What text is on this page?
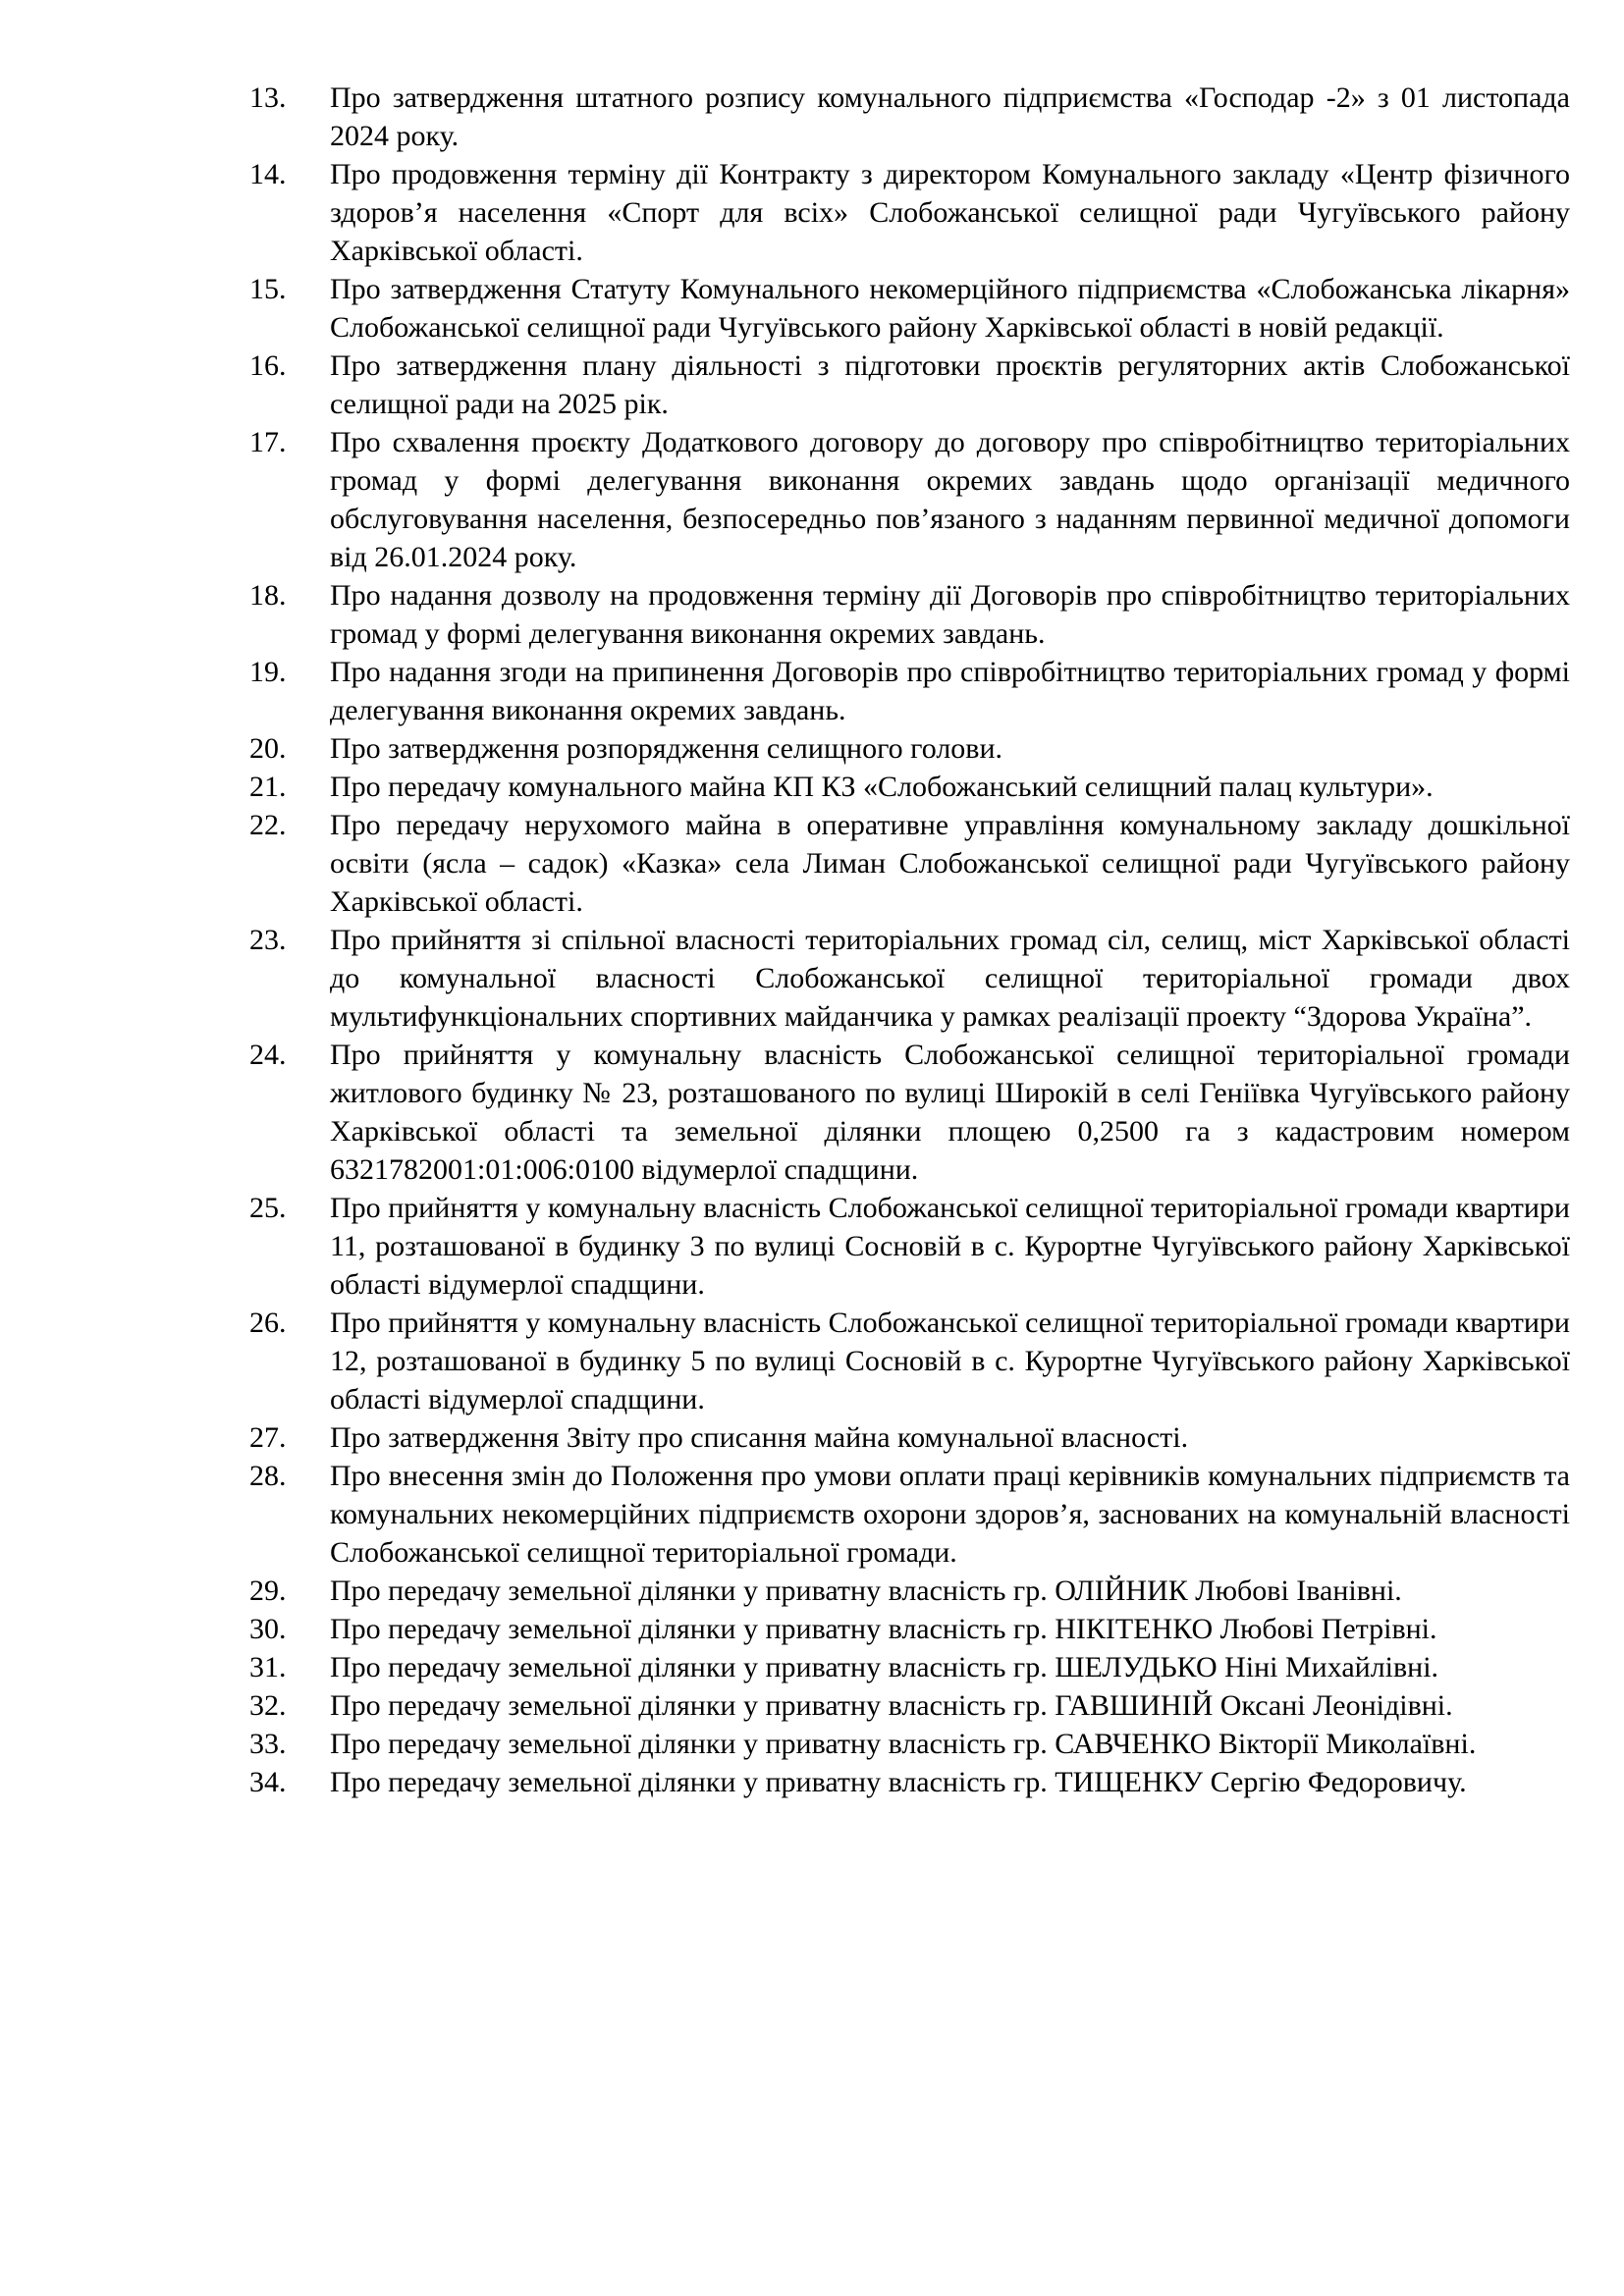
13.	Про затвердження штатного розпису комунального підприємства «Господар -2» з 01 листопада 2024 року.
14.	Про продовження терміну дії Контракту з директором Комунального закладу «Центр фізичного здоров’я населення «Спорт для всіх» Слобожанської селищної ради Чугуївського району Харківської області.
15.	Про затвердження Статуту Комунального некомерційного підприємства «Слобожанська лікарня» Слобожанської селищної ради Чугуївського району Харківської області в новій редакції.
16.	Про затвердження плану діяльності з підготовки проєктів регуляторних актів Слобожанської селищної ради на 2025 рік.
17.	Про схвалення проєкту Додаткового договору до договору про співробітництво територіальних громад у формі делегування виконання окремих завдань щодо організації медичного обслуговування населення, безпосередньо пов’язаного з наданням первинної медичної допомоги від 26.01.2024 року.
18.	Про надання дозволу на продовження терміну дії Договорів про співробітництво територіальних громад у формі делегування виконання окремих завдань.
19.	Про надання згоди на припинення Договорів про співробітництво територіальних громад у формі делегування виконання окремих завдань.
20.	Про затвердження розпорядження селищного голови.
21.	Про передачу комунального майна КП КЗ «Слобожанський селищний палац культури».
22.	Про передачу нерухомого майна в оперативне управління комунальному закладу дошкільної освіти (ясла – садок) «Казка» села Лиман Слобожанської селищної ради Чугуївського району Харківської області.
23.	Про прийняття зі спільної власності територіальних громад сіл, селищ, міст Харківської області до комунальної власності Слобожанської селищної територіальної громади двох мультифункціональних спортивних майданчика у рамках реалізації проекту “Здорова Україна”.
24.	Про прийняття у комунальну власність Слобожанської селищної територіальної громади житлового будинку № 23, розташованого по вулиці Широкій в селі Геніївка Чугуївського району Харківської області та земельної ділянки площею 0,2500 га з кадастровим номером 6321782001:01:006:0100 відумерлої спадщини.
25.	Про прийняття у комунальну власність Слобожанської селищної територіальної громади квартири 11, розташованої в будинку 3 по вулиці Сосновій в с. Курортне Чугуївського району Харківської області відумерлої спадщини.
26.	Про прийняття у комунальну власність Слобожанської селищної територіальної громади квартири 12, розташованої в будинку 5 по вулиці Сосновій в с. Курортне Чугуївського району Харківської області відумерлої спадщини.
27.	Про затвердження Звіту про списання майна комунальної власності.
28.	Про внесення змін до Положення про умови оплати праці керівників комунальних підприємств та комунальних некомерційних підприємств охорони здоров’я, заснованих на комунальній власності Слобожанської селищної територіальної громади.
29.	Про передачу земельної ділянки у приватну власність гр. ОЛІЙНИК Любові Іванівні.
30.	Про передачу земельної ділянки у приватну власність гр. НІКІТЕНКО Любові Петрівні.
31.	Про передачу земельної ділянки у приватну власність гр. ШЕЛУДЬКО Ніні Михайлівні.
32.	Про передачу земельної ділянки у приватну власність гр. ГАВШИНІЙ Оксані Леонідівні.
33.	Про передачу земельної ділянки у приватну власність гр. САВЧЕНКО Вікторії Миколаївні.
34.	Про передачу земельної ділянки у приватну власність гр. ТИЩЕНКУ Сергію Федоровичу.
